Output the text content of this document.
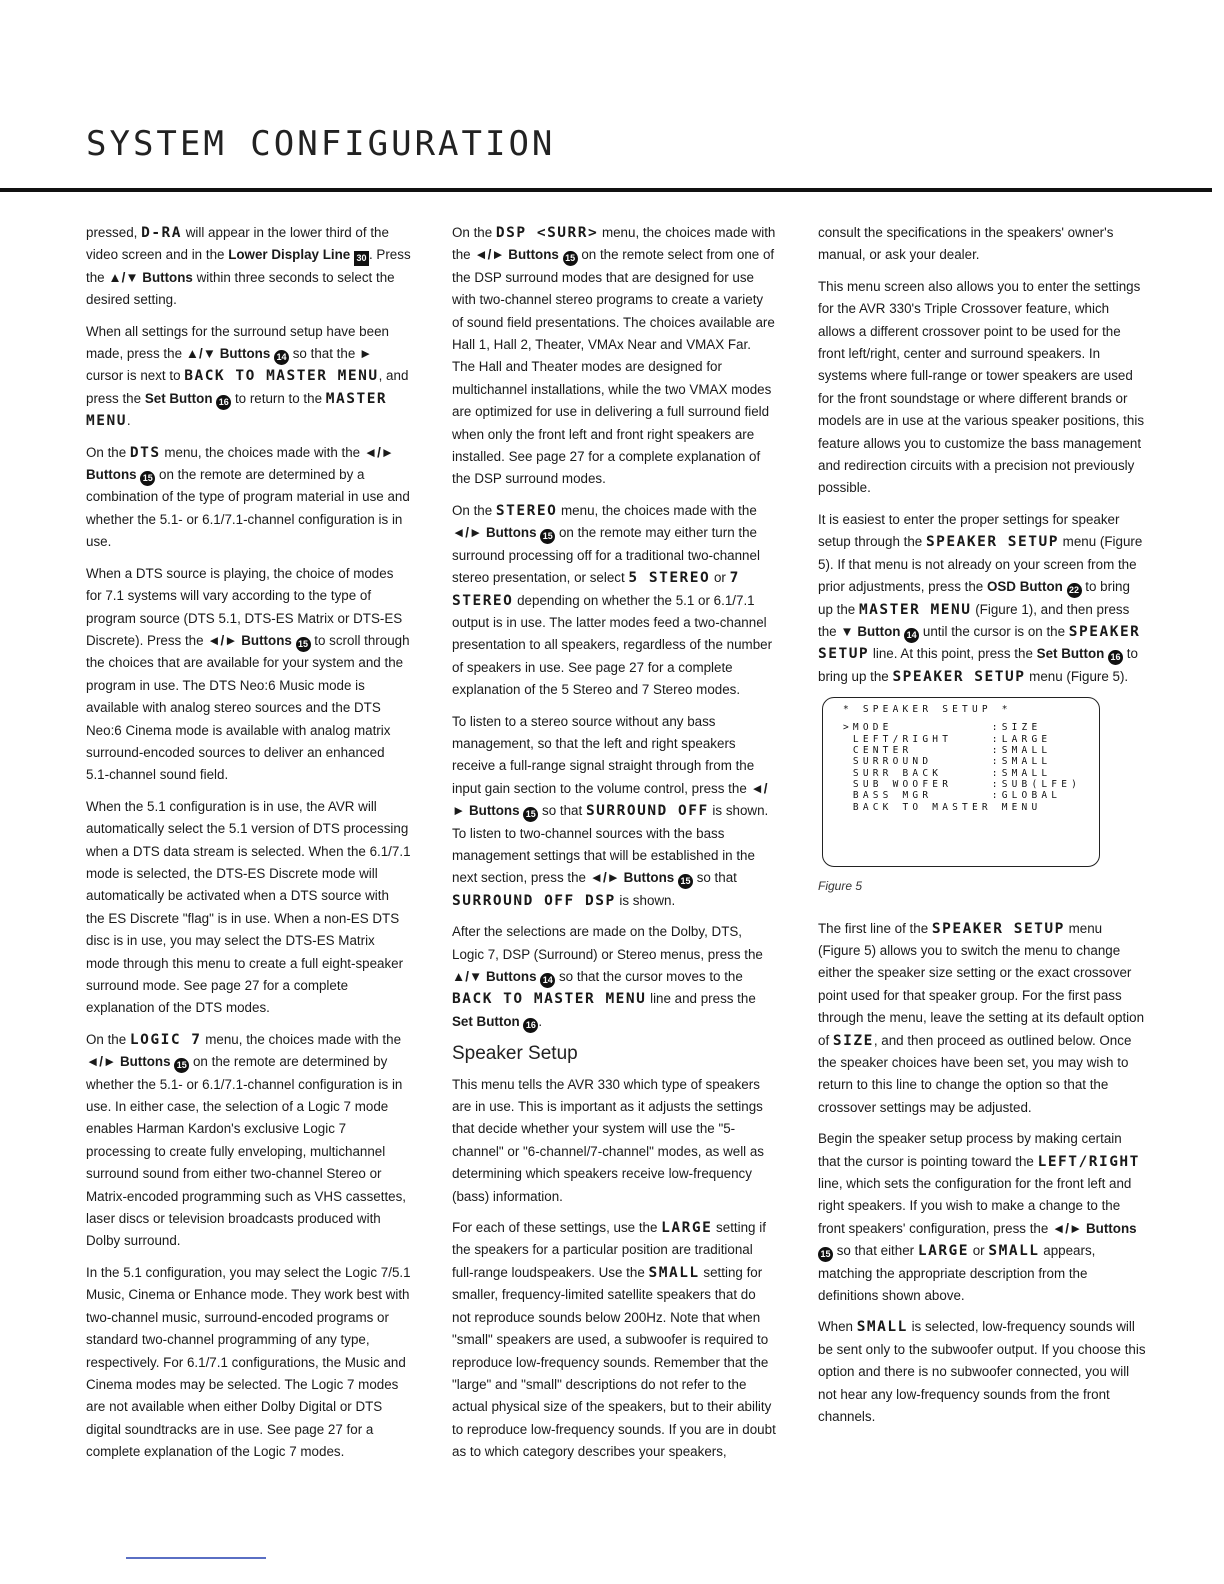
SYSTEM CONFIGURATION

pressed, D-RA will appear in the lower third of the video screen and in the Lower Display Line 30 . Press the ▲/▼ Buttons within three seconds to select the desired setting.

When all settings for the surround setup have been made, press the ▲/▼ Buttons 14 so that the ► cursor is next to BACK TO MASTER MENU, and press the Set Button 16 to return to the MASTER MENU.

On the DTS menu, the choices made with the ◄/► Buttons 15 on the remote are determined by a combination of the type of program material in use and whether the 5.1- or 6.1/7.1-channel configuration is in use.

When a DTS source is playing, the choice of modes for 7.1 systems will vary according to the type of program source (DTS 5.1, DTS-ES Matrix or DTS-ES Discrete). Press the ◄/► Buttons 15 to scroll through the choices that are available for your system and the program in use. The DTS Neo:6 Music mode is available with analog stereo sources and the DTS Neo:6 Cinema mode is available with analog matrix surround-encoded sources to deliver an enhanced 5.1-channel sound field.

When the 5.1 configuration is in use, the AVR will automatically select the 5.1 version of DTS processing when a DTS data stream is selected. When the 6.1/7.1 mode is selected, the DTS-ES Discrete mode will automatically be activated when a DTS source with the ES Discrete "flag" is in use. When a non-ES DTS disc is in use, you may select the DTS-ES Matrix mode through this menu to create a full eight-speaker surround mode. See page 27 for a complete explanation of the DTS modes.

On the LOGIC 7 menu, the choices made with the ◄/► Buttons 15 on the remote are determined by whether the 5.1- or 6.1/7.1-channel configuration is in use. In either case, the selection of a Logic 7 mode enables Harman Kardon's exclusive Logic 7 processing to create fully enveloping, multichannel surround sound from either two-channel Stereo or Matrix-encoded programming such as VHS cassettes, laser discs or television broadcasts produced with Dolby surround.

In the 5.1 configuration, you may select the Logic 7/5.1 Music, Cinema or Enhance mode. They work best with two-channel music, surround-encoded programs or standard two-channel programming of any type, respectively. For 6.1/7.1 configurations, the Music and Cinema modes may be selected. The Logic 7 modes are not available when either Dolby Digital or DTS digital soundtracks are in use. See page 27 for a complete explanation of the Logic 7 modes.

On the DSP <SURR> menu, the choices made with the ◄/► Buttons 15 on the remote select from one of the DSP surround modes that are designed for use with two-channel stereo programs to create a variety of sound field presentations. The choices available are Hall 1, Hall 2, Theater, VMAx Near and VMAX Far. The Hall and Theater modes are designed for multichannel installations, while the two VMAX modes are optimized for use in delivering a full surround field when only the front left and front right speakers are installed. See page 27 for a complete explanation of the DSP surround modes.

On the STEREO menu, the choices made with the ◄/► Buttons 15 on the remote may either turn the surround processing off for a traditional two-channel stereo presentation, or select 5 STEREO or 7 STEREO depending on whether the 5.1 or 6.1/7.1 output is in use. The latter modes feed a two-channel presentation to all speakers, regardless of the number of speakers in use. See page 27 for a complete explanation of the 5 Stereo and 7 Stereo modes.

To listen to a stereo source without any bass management, so that the left and right speakers receive a full-range signal straight through from the input gain section to the volume control, press the ◄/► Buttons 15 so that SURROUND OFF is shown. To listen to two-channel sources with the bass management settings that will be established in the next section, press the ◄/► Buttons 15 so that SURROUND OFF DSP is shown.

After the selections are made on the Dolby, DTS, Logic 7, DSP (Surround) or Stereo menus, press the ▲/▼ Buttons 14 so that the cursor moves to the BACK TO MASTER MENU line and press the Set Button 16 .

Speaker Setup

This menu tells the AVR 330 which type of speakers are in use. This is important as it adjusts the settings that decide whether your system will use the "5-channel" or "6-channel/7-channel" modes, as well as determining which speakers receive low-frequency (bass) information.

For each of these settings, use the LARGE setting if the speakers for a particular position are traditional full-range loudspeakers. Use the SMALL setting for smaller, frequency-limited satellite speakers that do not reproduce sounds below 200Hz. Note that when "small" speakers are used, a subwoofer is required to reproduce low-frequency sounds. Remember that the "large" and "small" descriptions do not refer to the actual physical size of the speakers, but to their ability to reproduce low-frequency sounds. If you are in doubt as to which category describes your speakers,

consult the specifications in the speakers' owner's manual, or ask your dealer.

This menu screen also allows you to enter the settings for the AVR 330's Triple Crossover feature, which allows a different crossover point to be used for the front left/right, center and surround speakers. In systems where full-range or tower speakers are used for the front soundstage or where different brands or models are in use at the various speaker positions, this feature allows you to customize the bass management and redirection circuits with a precision not previously possible.

It is easiest to enter the proper settings for speaker setup through the SPEAKER SETUP menu (Figure 5). If that menu is not already on your screen from the prior adjustments, press the OSD Button 22 to bring up the MASTER MENU (Figure 1), and then press the ▼ Button 14 until the cursor is on the SPEAKER SETUP line. At this point, press the Set Button 16 to bring up the SPEAKER SETUP menu (Figure 5).

* SPEAKER SETUP *
>MODE          :SIZE
LEFT/RIGHT    :LARGE
CENTER        :SMALL
SURROUND      :SMALL
SURR BACK     :SMALL
SUB WOOFER    :SUB(LFE)
BASS MGR      :GLOBAL
BACK TO MASTER MENU
Figure 5

The first line of the SPEAKER SETUP menu (Figure 5) allows you to switch the menu to change either the speaker size setting or the exact crossover point used for that speaker group. For the first pass through the menu, leave the setting at its default option of SIZE, and then proceed as outlined below. Once the speaker choices have been set, you may wish to return to this line to change the option so that the crossover settings may be adjusted.

Begin the speaker setup process by making certain that the cursor is pointing toward the LEFT/RIGHT line, which sets the configuration for the front left and right speakers. If you wish to make a change to the front speakers' configuration, press the ◄/► Buttons 15 so that either LARGE or SMALL appears, matching the appropriate description from the definitions shown above.

When SMALL is selected, low-frequency sounds will be sent only to the subwoofer output. If you choose this option and there is no subwoofer connected, you will not hear any low-frequency sounds from the front channels.
